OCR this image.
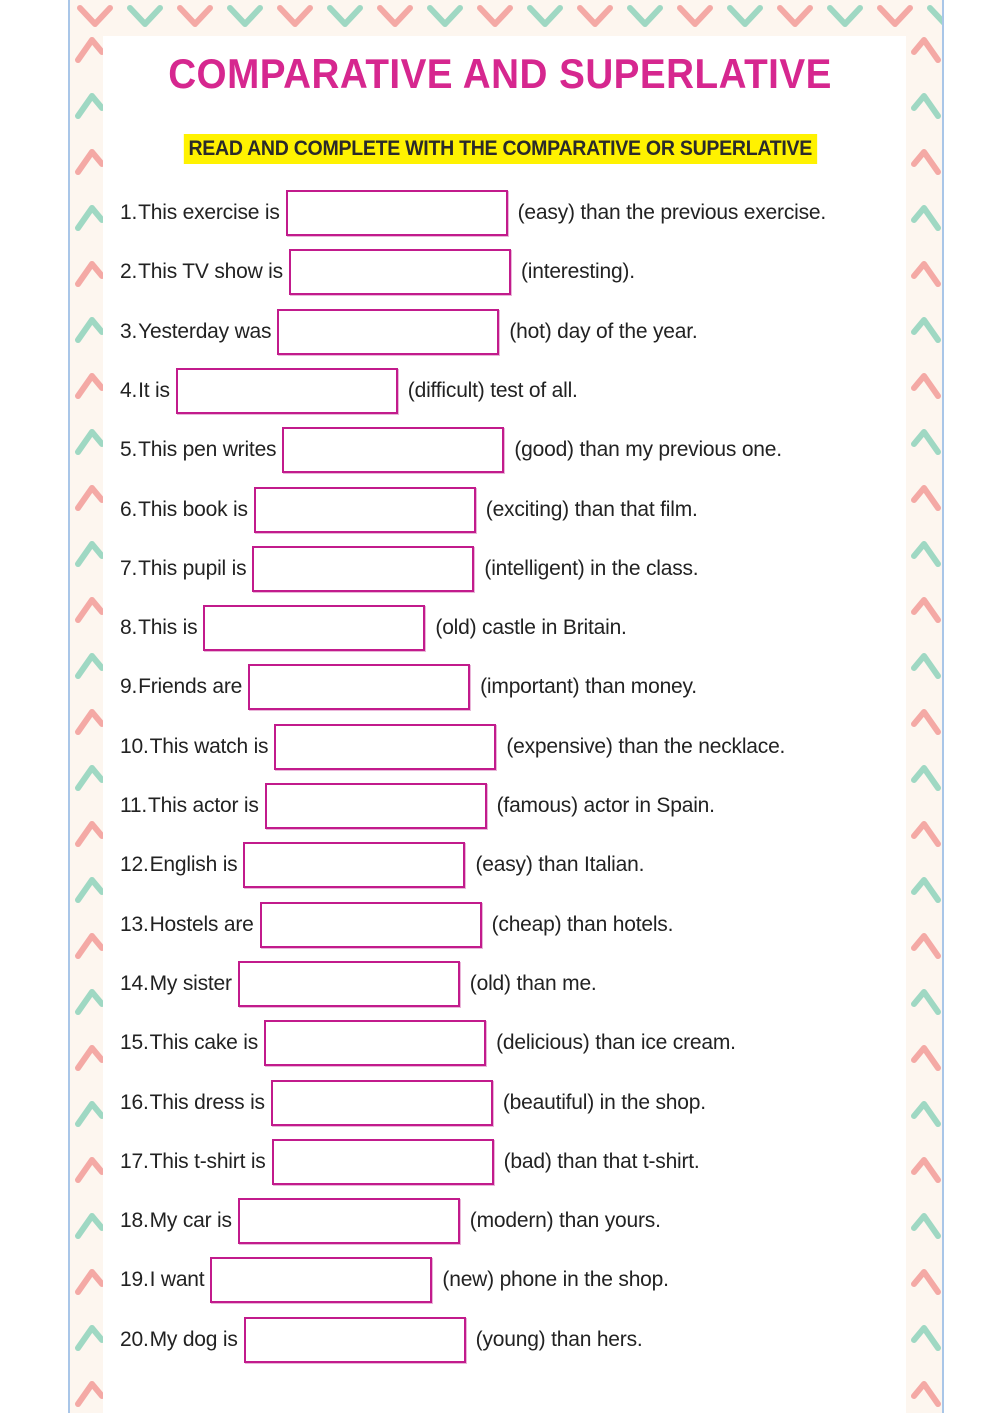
COMPARATIVE AND SUPERLATIVE
READ AND COMPLETE WITH THE COMPARATIVE OR SUPERLATIVE
1. This exercise is	(easy) than the previous exercise.
2. This TV show is	(interesting).
3. Yesterday was	(hot) day of the year.
4. It is	(difficult) test of all.
5. This pen writes	(good) than my previous one.
6. This book is	(exciting) than that film.
7. This pupil is	(intelligent) in the class.
8. This is	(old) castle in Britain.
9. Friends are	(important) than money.
10. This watch is	(expensive) than the necklace.
11. This actor is	(famous) actor in Spain.
12. English is	(easy) than Italian.
13. Hostels are	(cheap) than hotels.
14. My sister	(old) than me.
15. This cake is	(delicious) than ice cream.
16. This dress is	(beautiful) in the shop.
17. This t-shirt is	(bad) than that t-shirt.
18. My car is	(modern) than yours.
19. I want	(new) phone in the shop.
20. My dog is	(young) than hers.
